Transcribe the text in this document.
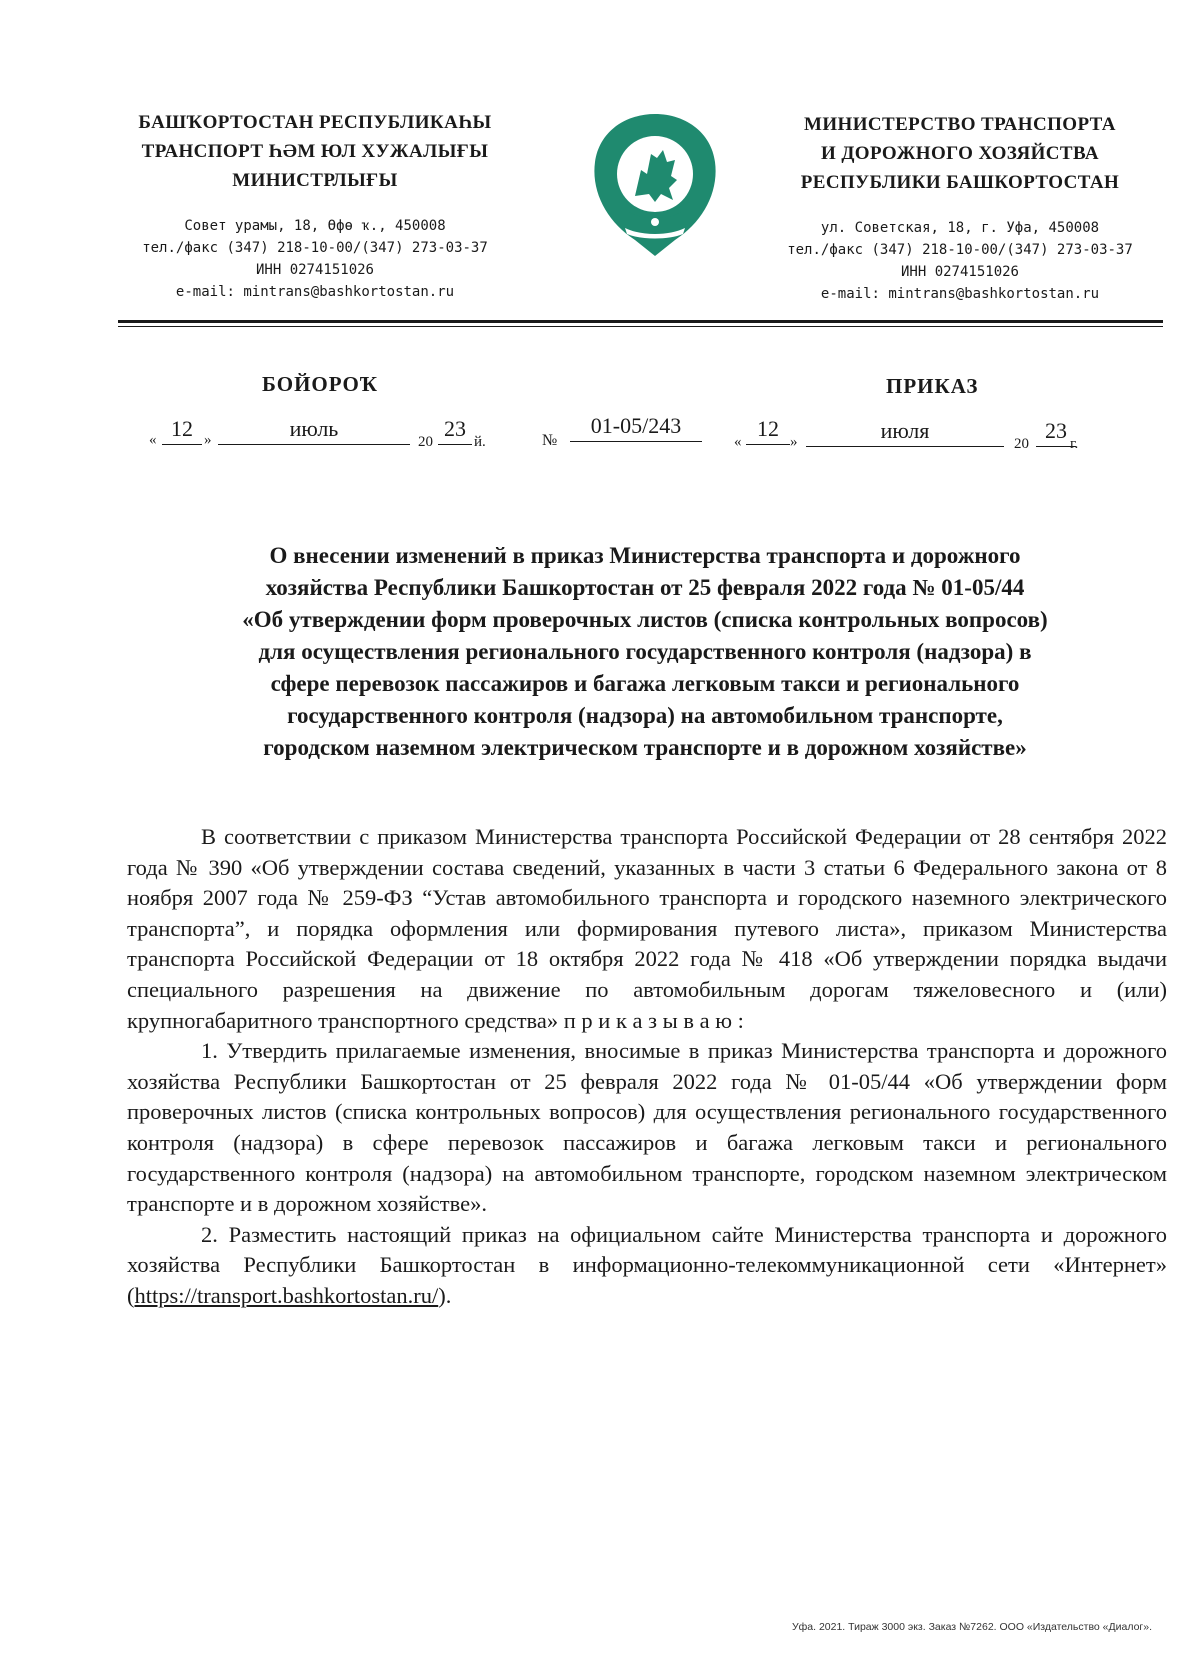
БАШҠОРТОСТАН РЕСПУБЛИКАҺЫ
ТРАНСПОРТ ҺӘМ ЮЛ ХУЖАЛЫҒЫ
МИНИСТРЛЫҒЫ
Совет урамы, 18, Өфө ҡ., 450008
тел./факс (347) 218-10-00/(347) 273-03-37
ИНН 0274151026
e-mail: mintrans@bashkortostan.ru
МИНИСТЕРСТВО ТРАНСПОРТА
И ДОРОЖНОГО ХОЗЯЙСТВА
РЕСПУБЛИКИ БАШКОРТОСТАН
ул. Советская, 18, г. Уфа, 450008
тел./факс (347) 218-10-00/(347) 273-03-37
ИНН 0274151026
e-mail: mintrans@bashkortostan.ru
БОЙОРОҠ	ПРИКАЗ
« 12 »	июль
20
23
й.	№
01-05/243
«
12
»	июля
20
23
г.
О внесении изменений в приказ Министерства транспорта и дорожного
хозяйства Республики Башкортостан от 25 февраля 2022 года № 01-05/44
«Об утверждении форм проверочных листов (списка контрольных вопросов)
для осуществления регионального государственного контроля (надзора) в
сфере перевозок пассажиров и багажа легковым такси и регионального
государственного контроля (надзора) на автомобильном транспорте,
городском наземном электрическом транспорте и в дорожном хозяйстве»

В соответствии с приказом Министерства транспорта Российской Федерации от 28 сентября 2022 года № 390 «Об утверждении состава сведений, указанных в части 3 статьи 6 Федерального закона от 8 ноября 2007 года № 259-ФЗ “Устав автомобильного транспорта и городского наземного электрического транспорта”, и порядка оформления или формирования путевого листа», приказом Министерства транспорта Российской Федерации от 18 октября 2022 года № 418 «Об утверждении порядка выдачи специального разрешения на движение по автомобильным дорогам тяжеловесного и (или) крупногабаритного транспортного средства» п р и к а з ы в а ю :

1. Утвердить прилагаемые изменения, вносимые в приказ Министерства транспорта и дорожного хозяйства Республики Башкортостан от 25 февраля 2022 года № 01-05/44 «Об утверждении форм проверочных листов (списка контрольных вопросов) для осуществления регионального государственного контроля (надзора) в сфере перевозок пассажиров и багажа легковым такси и регионального государственного контроля (надзора) на автомобильном транспорте, городском наземном электрическом транспорте и в дорожном хозяйстве».

2. Разместить настоящий приказ на официальном сайте Министерства транспорта и дорожного хозяйства Республики Башкортостан в информационно-телекоммуникационной сети «Интернет» (https://transport.bashkortostan.ru/).

Уфа. 2021. Тираж 3000 экз. Заказ №7262. ООО «Издательство «Диалог».
